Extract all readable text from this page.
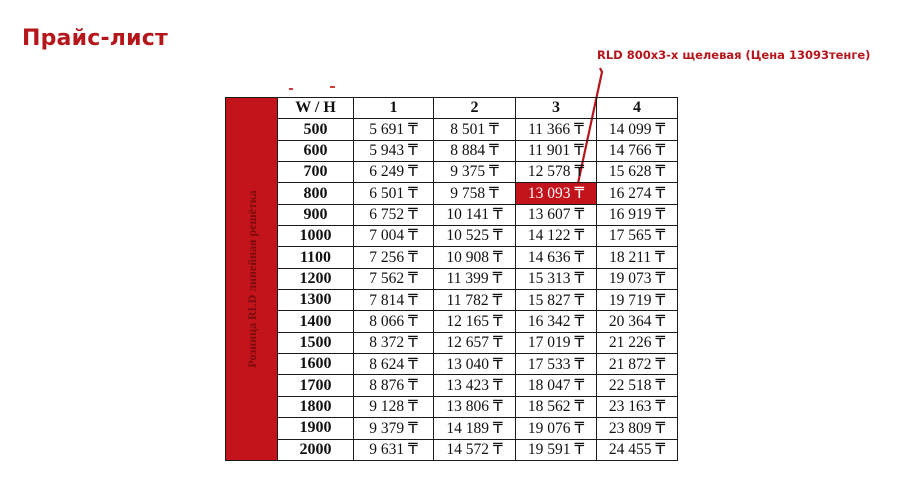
Прайс-лист
RLD 800x3-х щелевая (Цена 13093тенге)
Розница RLD линейная решётка	W / H	1	2	3	4
	500	5 691 ₸	8 501 ₸	11 366 ₸	14 099 ₸
	600	5 943 ₸	8 884 ₸	11 901 ₸	14 766 ₸
	700	6 249 ₸	9 375 ₸	12 578 ₸	15 628 ₸
	800	6 501 ₸	9 758 ₸	13 093 ₸	16 274 ₸
	900	6 752 ₸	10 141 ₸	13 607 ₸	16 919 ₸
	1000	7 004 ₸	10 525 ₸	14 122 ₸	17 565 ₸
	1100	7 256 ₸	10 908 ₸	14 636 ₸	18 211 ₸
	1200	7 562 ₸	11 399 ₸	15 313 ₸	19 073 ₸
	1300	7 814 ₸	11 782 ₸	15 827 ₸	19 719 ₸
	1400	8 066 ₸	12 165 ₸	16 342 ₸	20 364 ₸
	1500	8 372 ₸	12 657 ₸	17 019 ₸	21 226 ₸
	1600	8 624 ₸	13 040 ₸	17 533 ₸	21 872 ₸
	1700	8 876 ₸	13 423 ₸	18 047 ₸	22 518 ₸
	1800	9 128 ₸	13 806 ₸	18 562 ₸	23 163 ₸
	1900	9 379 ₸	14 189 ₸	19 076 ₸	23 809 ₸
	2000	9 631 ₸	14 572 ₸	19 591 ₸	24 455 ₸
